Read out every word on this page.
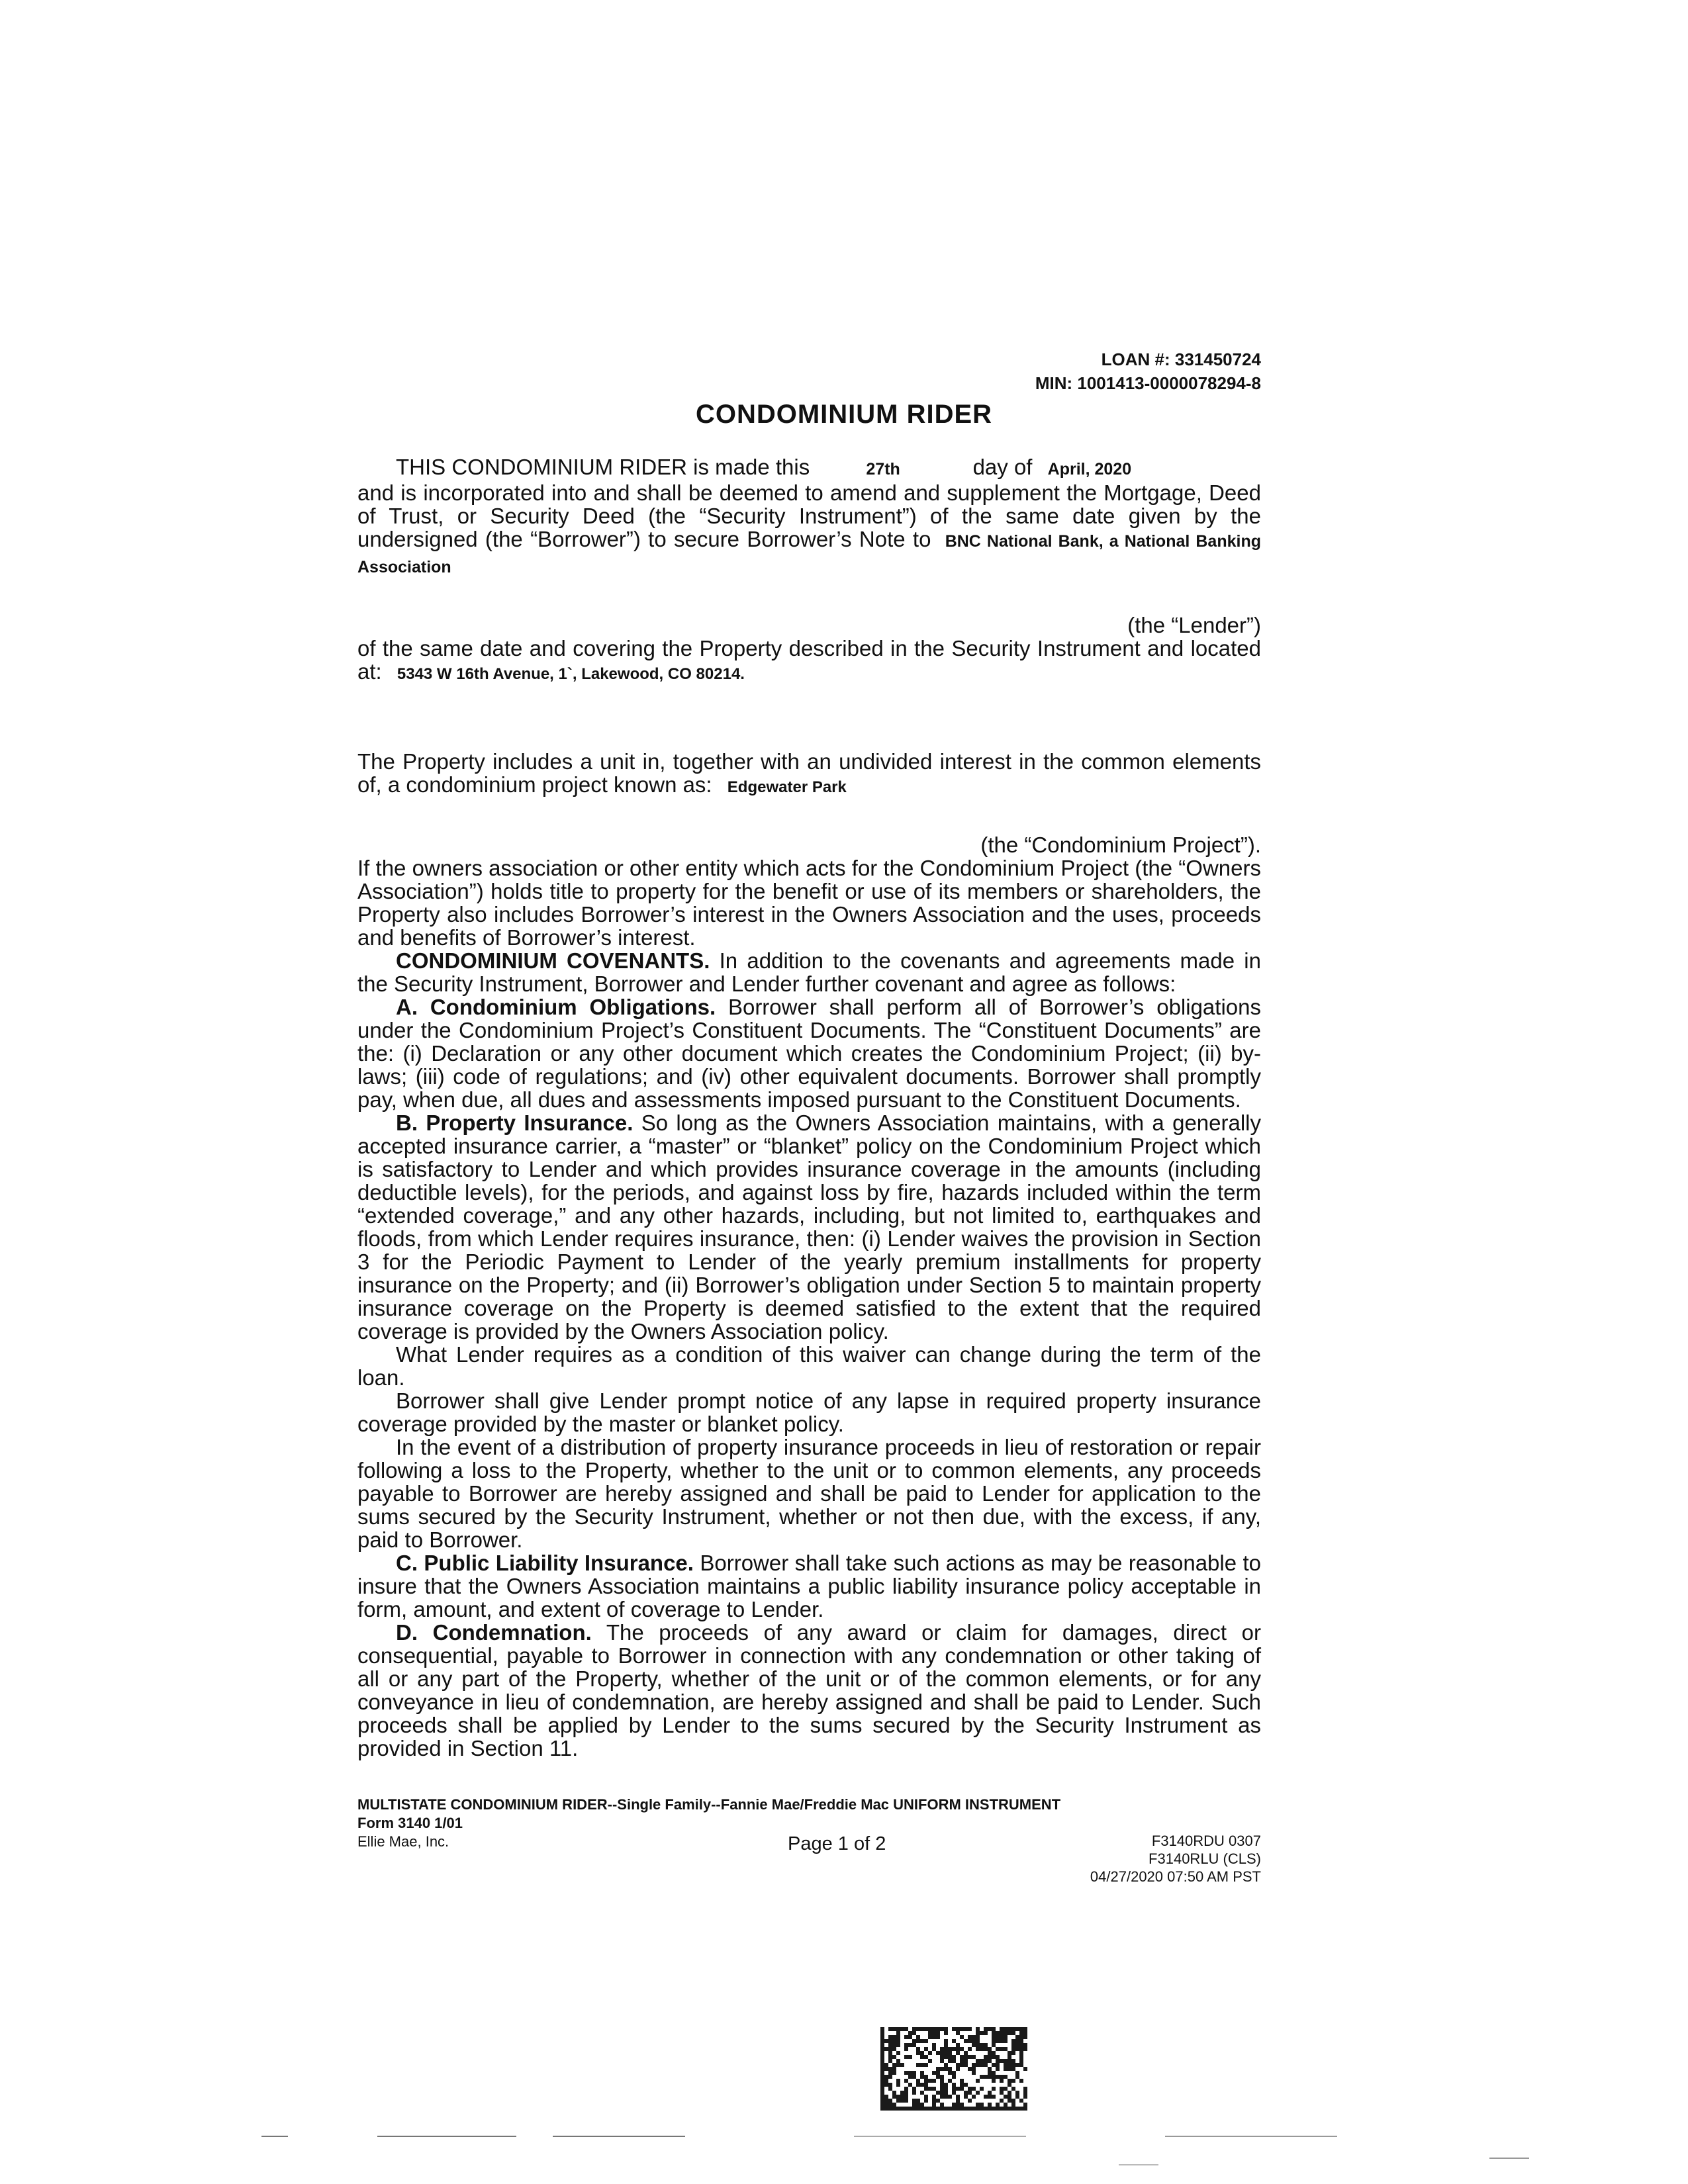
LOAN #: 331450724
MIN: 1001413-0000078294-8
CONDOMINIUM RIDER

THIS CONDOMINIUM RIDER is made this	27th	day of April, 2020

and is incorporated into and shall be deemed to amend and supplement the Mortgage, Deed of Trust, or Security Deed (the “Security Instrument”) of the same date given by the undersigned (the “Borrower”) to secure Borrower’s Note to BNC National Bank, a National Banking Association

(the “Lender”)

of the same date and covering the Property described in the Security Instrument and located at: 5343 W 16th Avenue, 1`, Lakewood, CO 80214.

The Property includes a unit in, together with an undivided interest in the common elements of, a condominium project known as: Edgewater Park

(the “Condominium Project”).

If the owners association or other entity which acts for the Condominium Project (the “Owners Association”) holds title to property for the benefit or use of its members or shareholders, the Property also includes Borrower’s interest in the Owners Association and the uses, proceeds and benefits of Borrower’s interest.

CONDOMINIUM COVENANTS. In addition to the covenants and agreements made in the Security Instrument, Borrower and Lender further covenant and agree as follows:

A. Condominium Obligations. Borrower shall perform all of Borrower’s obligations under the Condominium Project’s Constituent Documents. The “Constituent Documents” are the: (i) Declaration or any other document which creates the Condominium Project; (ii) by-laws; (iii) code of regulations; and (iv) other equivalent documents. Borrower shall promptly pay, when due, all dues and assessments imposed pursuant to the Constituent Documents.

B. Property Insurance. So long as the Owners Association maintains, with a generally accepted insurance carrier, a “master” or “blanket” policy on the Condominium Project which is satisfactory to Lender and which provides insurance coverage in the amounts (including deductible levels), for the periods, and against loss by fire, hazards included within the term “extended coverage,” and any other hazards, including, but not limited to, earthquakes and floods, from which Lender requires insurance, then: (i) Lender waives the provision in Section 3 for the Periodic Payment to Lender of the yearly premium installments for property insurance on the Property; and (ii) Borrower’s obligation under Section 5 to maintain property insurance coverage on the Property is deemed satisfied to the extent that the required coverage is provided by the Owners Association policy.

What Lender requires as a condition of this waiver can change during the term of the loan.

Borrower shall give Lender prompt notice of any lapse in required property insurance coverage provided by the master or blanket policy.

In the event of a distribution of property insurance proceeds in lieu of restoration or repair following a loss to the Property, whether to the unit or to common elements, any proceeds payable to Borrower are hereby assigned and shall be paid to Lender for application to the sums secured by the Security Instrument, whether or not then due, with the excess, if any, paid to Borrower.

C. Public Liability Insurance. Borrower shall take such actions as may be reasonable to insure that the Owners Association maintains a public liability insurance policy acceptable in form, amount, and extent of coverage to Lender.

D. Condemnation. The proceeds of any award or claim for damages, direct or consequential, payable to Borrower in connection with any condemnation or other taking of all or any part of the Property, whether of the unit or of the common elements, or for any conveyance in lieu of condemnation, are hereby assigned and shall be paid to Lender. Such proceeds shall be applied by Lender to the sums secured by the Security Instrument as provided in Section 11.

MULTISTATE CONDOMINIUM RIDER--Single Family--Fannie Mae/Freddie Mac UNIFORM INSTRUMENT
Form 3140 1/01
Ellie Mae, Inc.	Page 1 of 2	F3140RDU 0307
F3140RLU (CLS)
04/27/2020 07:50 AM PST
